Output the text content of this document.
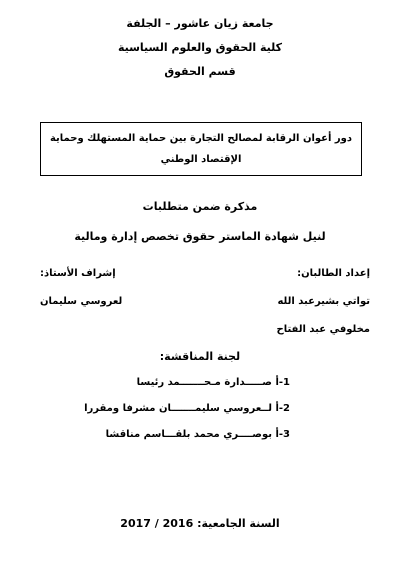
جامعة زيان عاشور – الجلفة
كلية الحقوق والعلوم السياسية
قسم الحقوق
دور أعوان الرقابة لمصالح التجارة بين حماية المستهلك وحماية
الإقتصاد الوطني
مذكرة ضمن متطلبات
لنيل شهادة الماستر حقوق تخصص إدارة ومالية
إعداد الطالبان:
تواتي بشيرعبد الله
مخلوفي عبد الفتاح
إشراف الأستاذ:
لعروسي سليمان
لجنة المناقشة:
1-أ صـــــدارة مـحـــــــمد رئيسا
2-أ لــعروسي سليمـــــــان مشرفا ومقررا
3-أ بوصــــري محمد بلقـــاسم مناقشا
السنة الجامعية: 2016 / 2017
